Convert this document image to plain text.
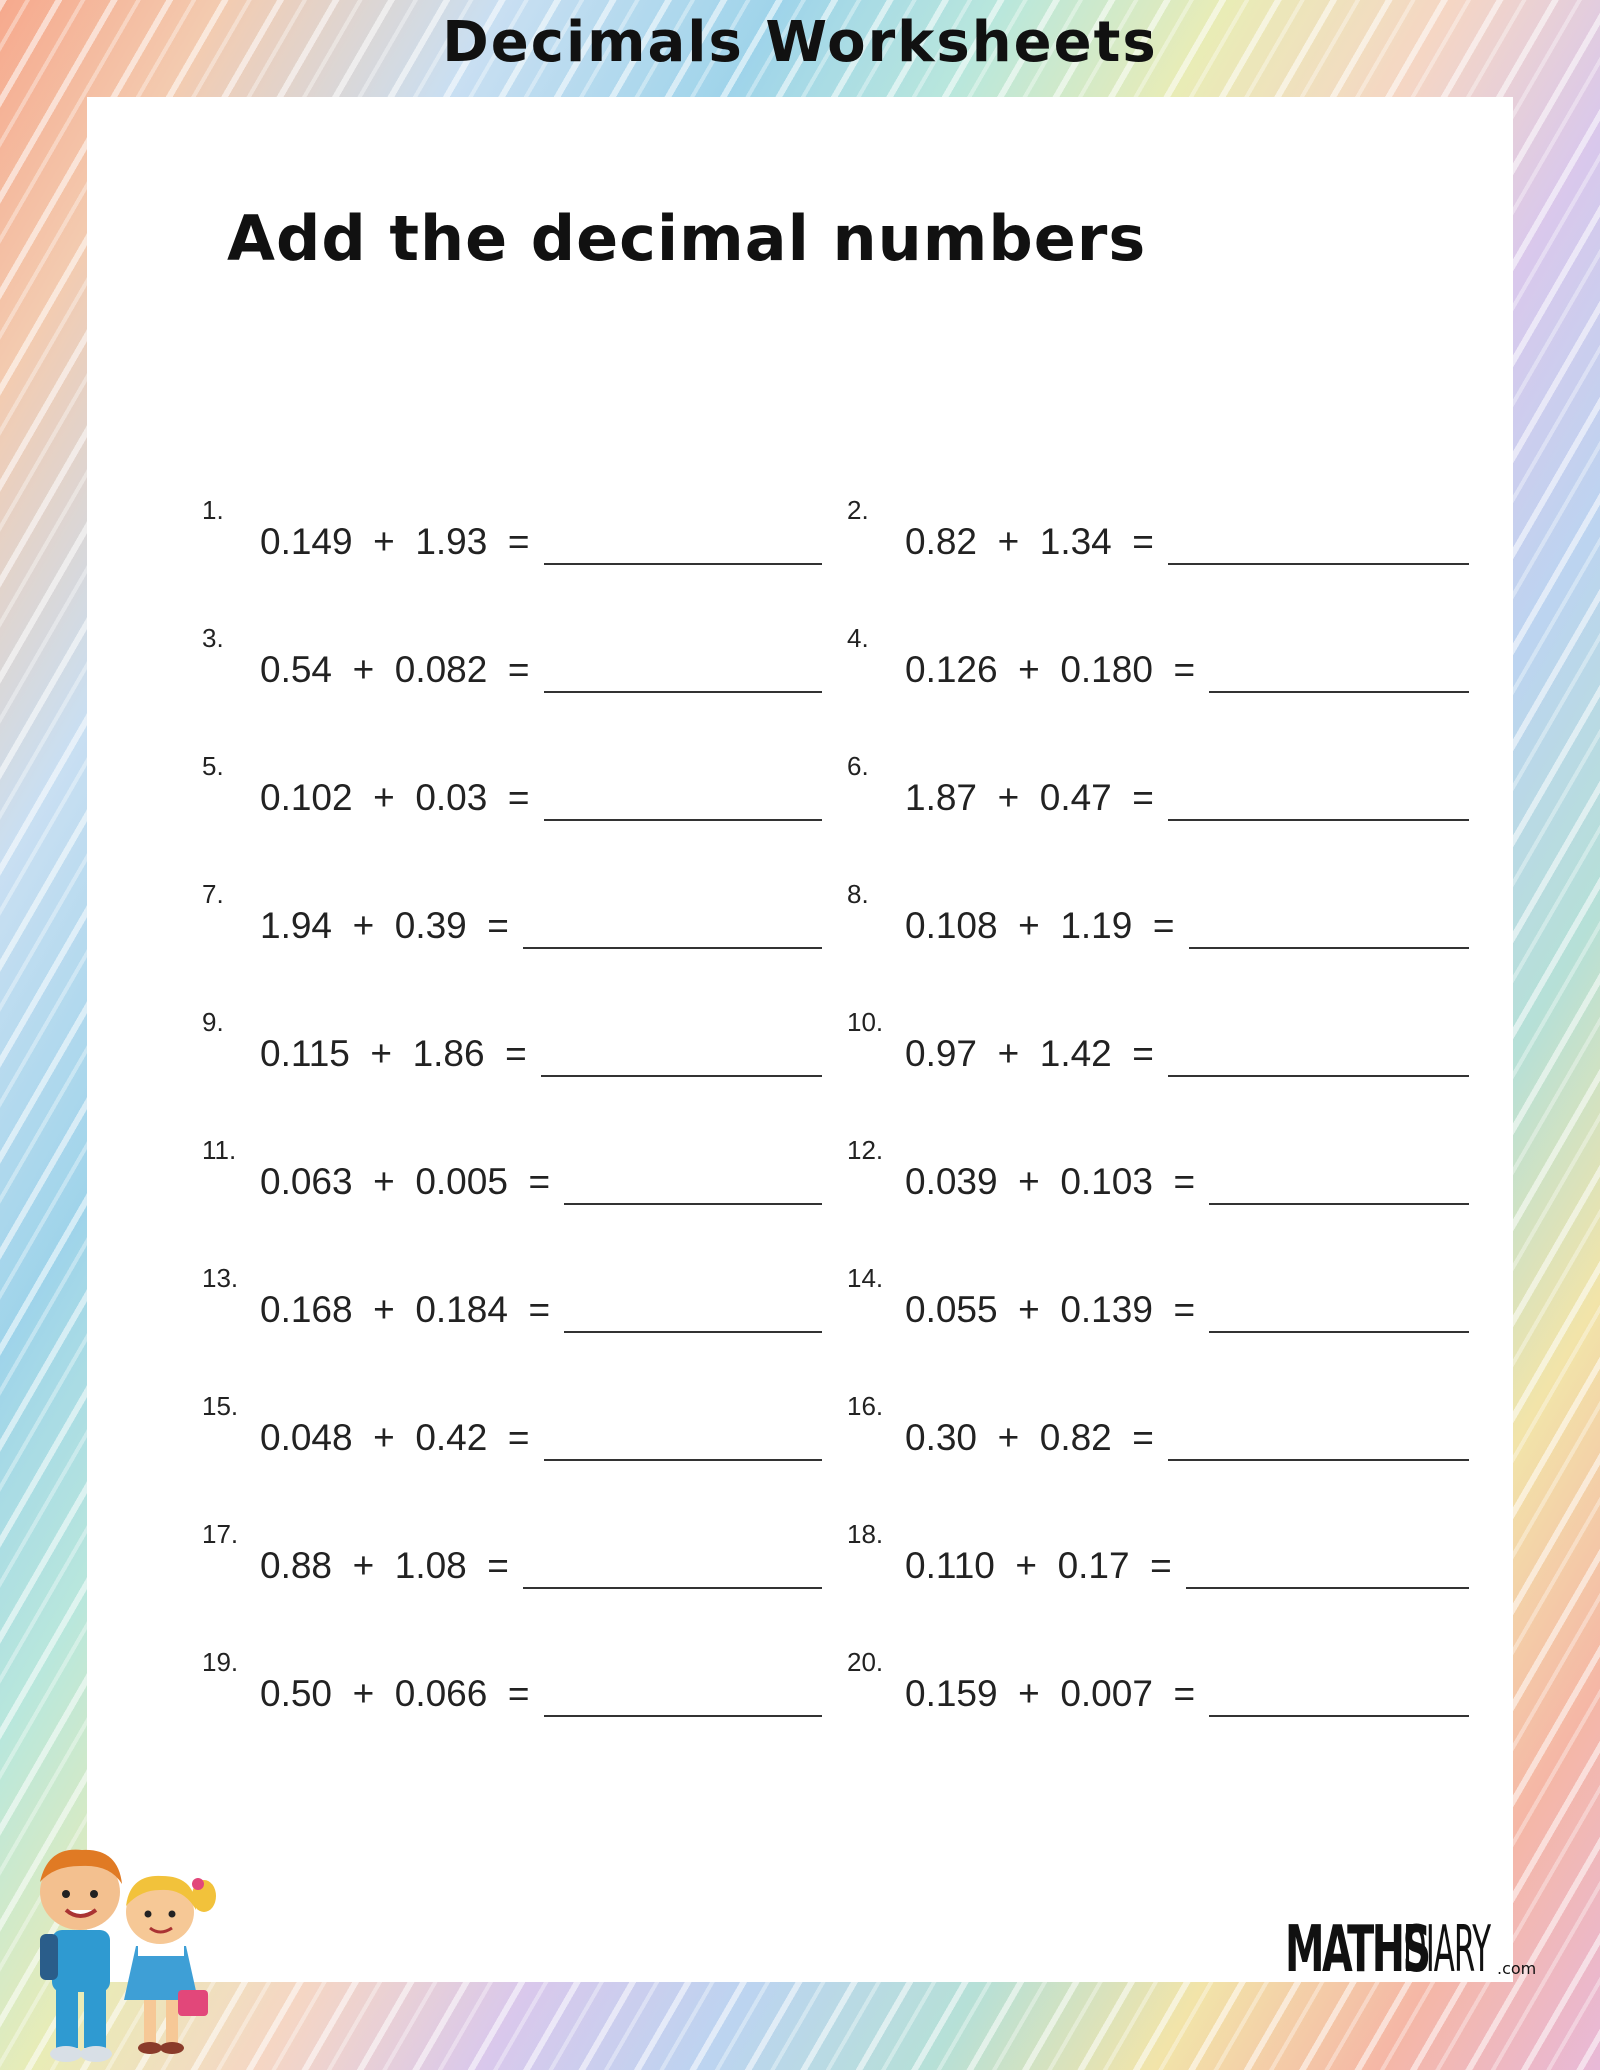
Decimals Worksheets
Add the decimal numbers
1.
0.149  +  1.93  =
2.
0.82  +  1.34  =
3.
0.54  +  0.082  =
4.
0.126  +  0.180  =
5.
0.102  +  0.03  =
6.
1.87  +  0.47  =
7.
1.94  +  0.39  =
8.
0.108  +  1.19  =
9.
0.115  +  1.86  =
10.
0.97  +  1.42  =
11.
0.063  +  0.005  =
12.
0.039  +  0.103  =
13.
0.168  +  0.184  =
14.
0.055  +  0.139  =
15.
0.048  +  0.42  =
16.
0.30  +  0.82  =
17.
0.88  +  1.08  =
18.
0.110  +  0.17  =
19.
0.50  +  0.066  =
20.
0.159  +  0.007  =
MATHS
DIARY .com
